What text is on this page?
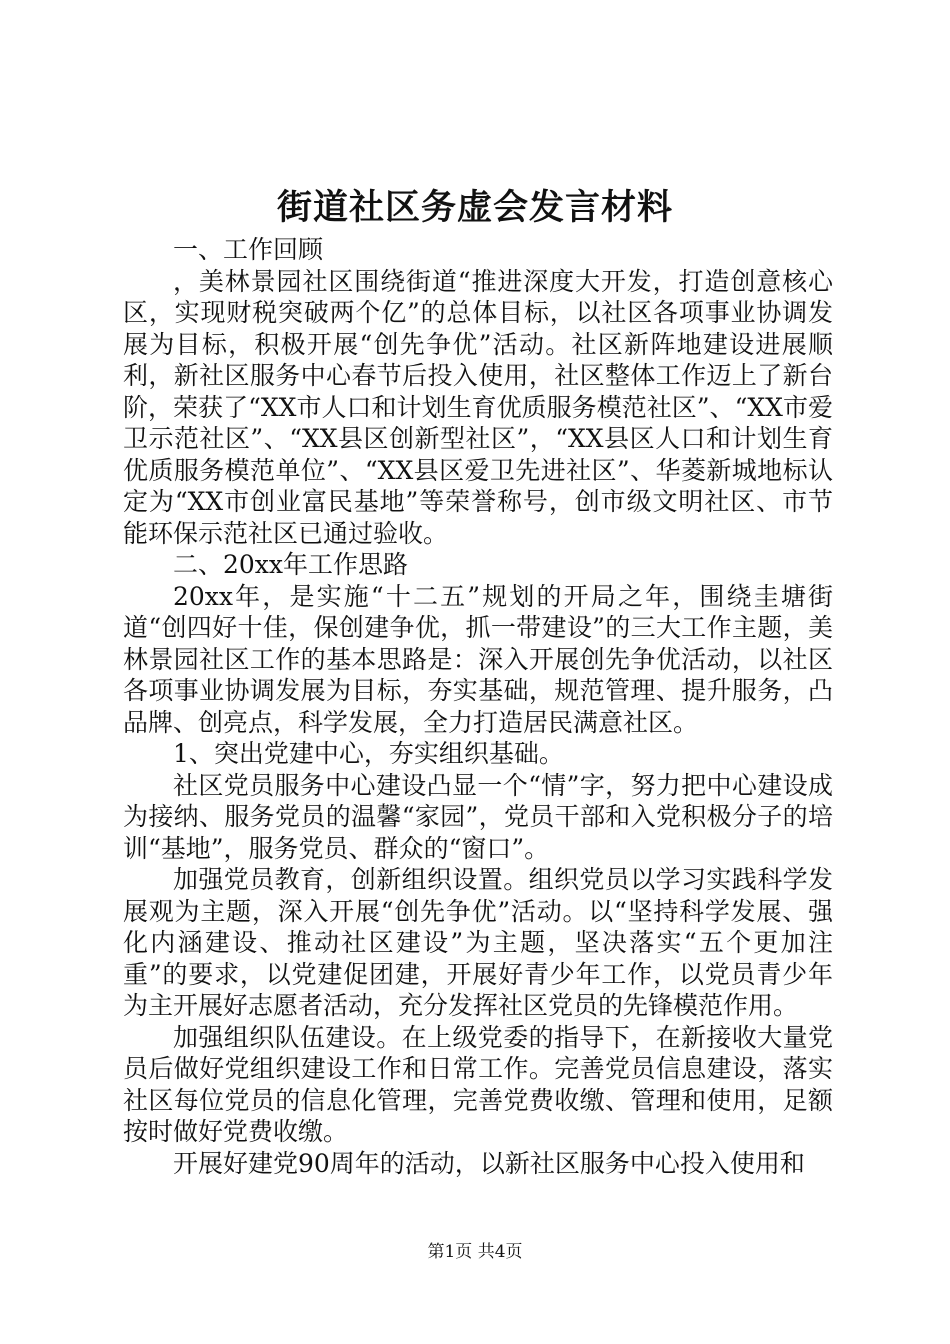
街道社区务虚会发言材料

一、工作回顾

，美林景园社区围绕街道“推进深度大开发，打造创意核心区，实现财税突破两个亿”的总体目标，以社区各项事业协调发展为目标，积极开展“创先争优”活动。社区新阵地建设进展顺利，新社区服务中心春节后投入使用，社区整体工作迈上了新台阶，荣获了“XX市人口和计划生育优质服务模范社区”、“XX市爱卫示范社区”、“XX县区创新型社区”，“XX县区人口和计划生育优质服务模范单位”、“XX县区爱卫先进社区”、华菱新城地标认定为“XX市创业富民基地”等荣誉称号，创市级文明社区、市节能环保示范社区已通过验收。

二、20xx年工作思路

20xx年，是实施“十二五”规划的开局之年，围绕圭塘街道“创四好十佳，保创建争优，抓一带建设”的三大工作主题，美林景园社区工作的基本思路是：深入开展创先争优活动，以社区各项事业协调发展为目标，夯实基础，规范管理、提升服务，凸品牌、创亮点，科学发展，全力打造居民满意社区。

1、突出党建中心，夯实组织基础。

社区党员服务中心建设凸显一个“情”字，努力把中心建设成为接纳、服务党员的温馨“家园”，党员干部和入党积极分子的培训“基地”，服务党员、群众的“窗口”。

加强党员教育，创新组织设置。组织党员以学习实践科学发展观为主题，深入开展“创先争优”活动。以“坚持科学发展、强化内涵建设、推动社区建设”为主题，坚决落实“五个更加注重”的要求，以党建促团建，开展好青少年工作，以党员青少年为主开展好志愿者活动，充分发挥社区党员的先锋模范作用。

加强组织队伍建设。在上级党委的指导下，在新接收大量党员后做好党组织建设工作和日常工作。完善党员信息建设，落实社区每位党员的信息化管理，完善党费收缴、管理和使用，足额按时做好党费收缴。

开展好建党90周年的活动，以新社区服务中心投入使用和

第1页 共4页
